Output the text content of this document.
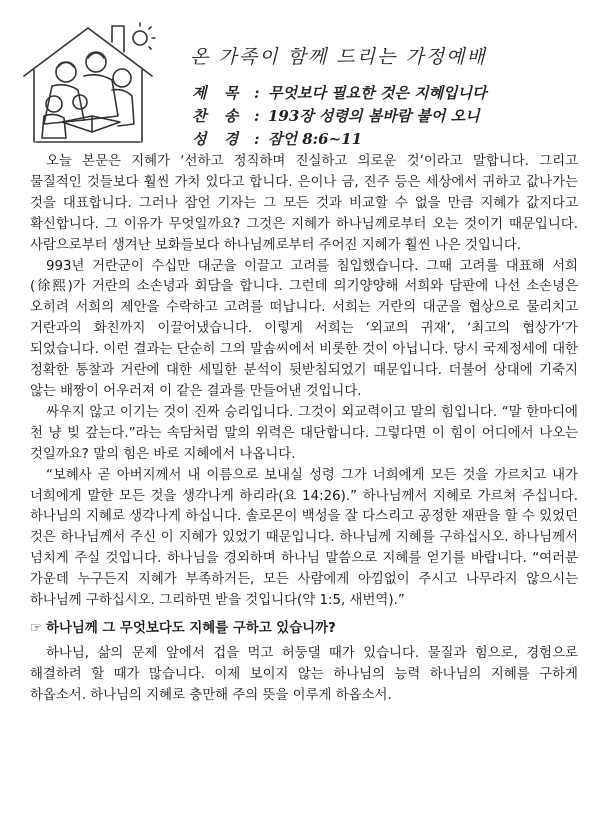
온 가족이 함께 드리는 가정예배
제 목 : 무엇보다 필요한 것은 지혜입니다
찬 송 : 193장 성령의 봄바람 불어 오니
성 경 : 잠언 8:6~11

오늘 본문은 지혜가 ‘선하고 정직하며 진실하고 의로운 것’이라고 말합니다. 그리고 물질적인 것들보다 훨씬 가치 있다고 합니다. 은이나 금, 진주 등은 세상에서 귀하고 값나가는 것을 대표합니다. 그러나 잠언 기자는 그 모든 것과 비교할 수 없을 만큼 지혜가 값지다고 확신합니다. 그 이유가 무엇일까요? 그것은 지혜가 하나님께로부터 오는 것이기 때문입니다. 사람으로부터 생겨난 보화들보다 하나님께로부터 주어진 지혜가 훨씬 나은 것입니다.

993년 거란군이 수십만 대군을 이끌고 고려를 침입했습니다. 그때 고려를 대표해 서희(徐熙)가 거란의 소손녕과 회담을 합니다. 그런데 의기양양해 서희와 담판에 나선 소손녕은 오히려 서희의 제안을 수락하고 고려를 떠납니다. 서희는 거란의 대군을 협상으로 물리치고 거란과의 화친까지 이끌어냈습니다. 이렇게 서희는 ‘외교의 귀재’, ‘최고의 협상가’가 되었습니다. 이런 결과는 단순히 그의 말솜씨에서 비롯한 것이 아닙니다. 당시 국제정세에 대한 정확한 통찰과 거란에 대한 세밀한 분석이 뒷받침되었기 때문입니다. 더불어 상대에 기죽지 않는 배짱이 어우러져 이 같은 결과를 만들어낸 것입니다.

싸우지 않고 이기는 것이 진짜 승리입니다. 그것이 외교력이고 말의 힘입니다. “말 한마디에 천 냥 빚 갚는다.”라는 속담처럼 말의 위력은 대단합니다. 그렇다면 이 힘이 어디에서 나오는 것일까요? 말의 힘은 바로 지혜에서 나옵니다.

“보혜사 곧 아버지께서 내 이름으로 보내실 성령 그가 너희에게 모든 것을 가르치고 내가 너희에게 말한 모든 것을 생각나게 하리라(요 14:26).” 하나님께서 지혜로 가르쳐 주십니다. 하나님의 지혜로 생각나게 하십니다. 솔로몬이 백성을 잘 다스리고 공정한 재판을 할 수 있었던 것은 하나님께서 주신 이 지혜가 있었기 때문입니다. 하나님께 지혜를 구하십시오. 하나님께서 넘치게 주실 것입니다. 하나님을 경외하며 하나님 말씀으로 지혜를 얻기를 바랍니다. “여러분 가운데 누구든지 지혜가 부족하거든, 모든 사람에게 아낌없이 주시고 나무라지 않으시는 하나님께 구하십시오. 그리하면 받을 것입니다(약 1:5, 새번역).”

☞ 하나님께 그 무엇보다도 지혜를 구하고 있습니까?

하나님, 삶의 문제 앞에서 겁을 먹고 허둥댈 때가 있습니다. 물질과 힘으로, 경험으로 해결하려 할 때가 많습니다. 이제 보이지 않는 하나님의 능력 하나님의 지혜를 구하게 하옵소서. 하나님의 지혜로 충만해 주의 뜻을 이루게 하옵소서.
